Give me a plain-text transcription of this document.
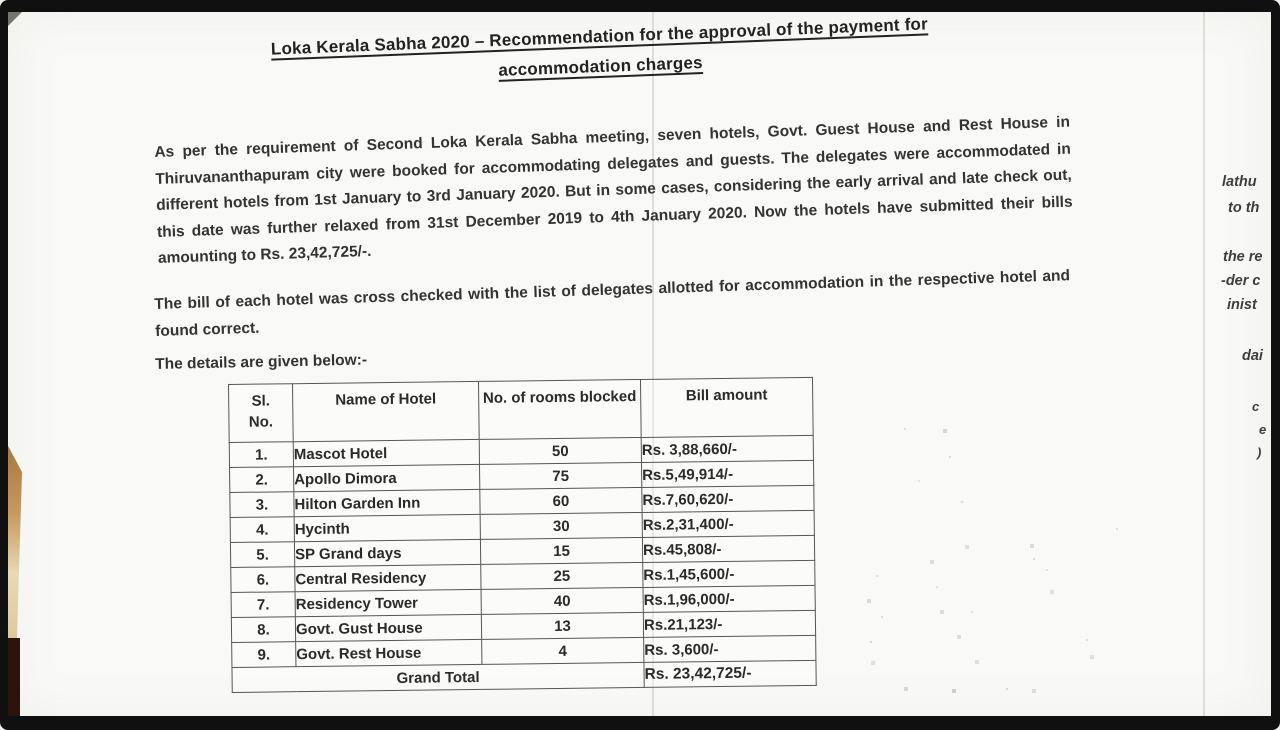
Loka Kerala Sabha 2020 – Recommendation for the approval of the payment for
accommodation charges
As per the requirement of Second Loka Kerala Sabha meeting, seven hotels, Govt. Guest House and Rest House in Thiruvananthapuram city were booked for accommodating delegates and guests. The delegates were accommodated in different hotels from 1st January to 3rd January 2020. But in some cases, considering the early arrival and late check out, this date was further relaxed from 31st December 2019 to 4th January 2020. Now the hotels have submitted their bills amounting to Rs. 23,42,725/-.
The bill of each hotel was cross checked with the list of delegates allotted for accommodation in the respective hotel and found correct.
The details are given below:-
Sl. No.	Name of Hotel	No. of rooms blocked	Bill amount
1.	Mascot Hotel	50	Rs. 3,88,660/-
2.	Apollo Dimora	75	Rs.5,49,914/-
3.	Hilton Garden Inn	60	Rs.7,60,620/-
4.	Hycinth	30	Rs.2,31,400/-
5.	SP Grand days	15	Rs.45,808/-
6.	Central Residency	25	Rs.1,45,600/-
7.	Residency Tower	40	Rs.1,96,000/-
8.	Govt. Gust House	13	Rs.21,123/-
9.	Govt. Rest House	4	Rs. 3,600/-
Grand Total			Rs. 23,42,725/-
lathu
to th
the re
-der c
inist
dai
c
e
)
